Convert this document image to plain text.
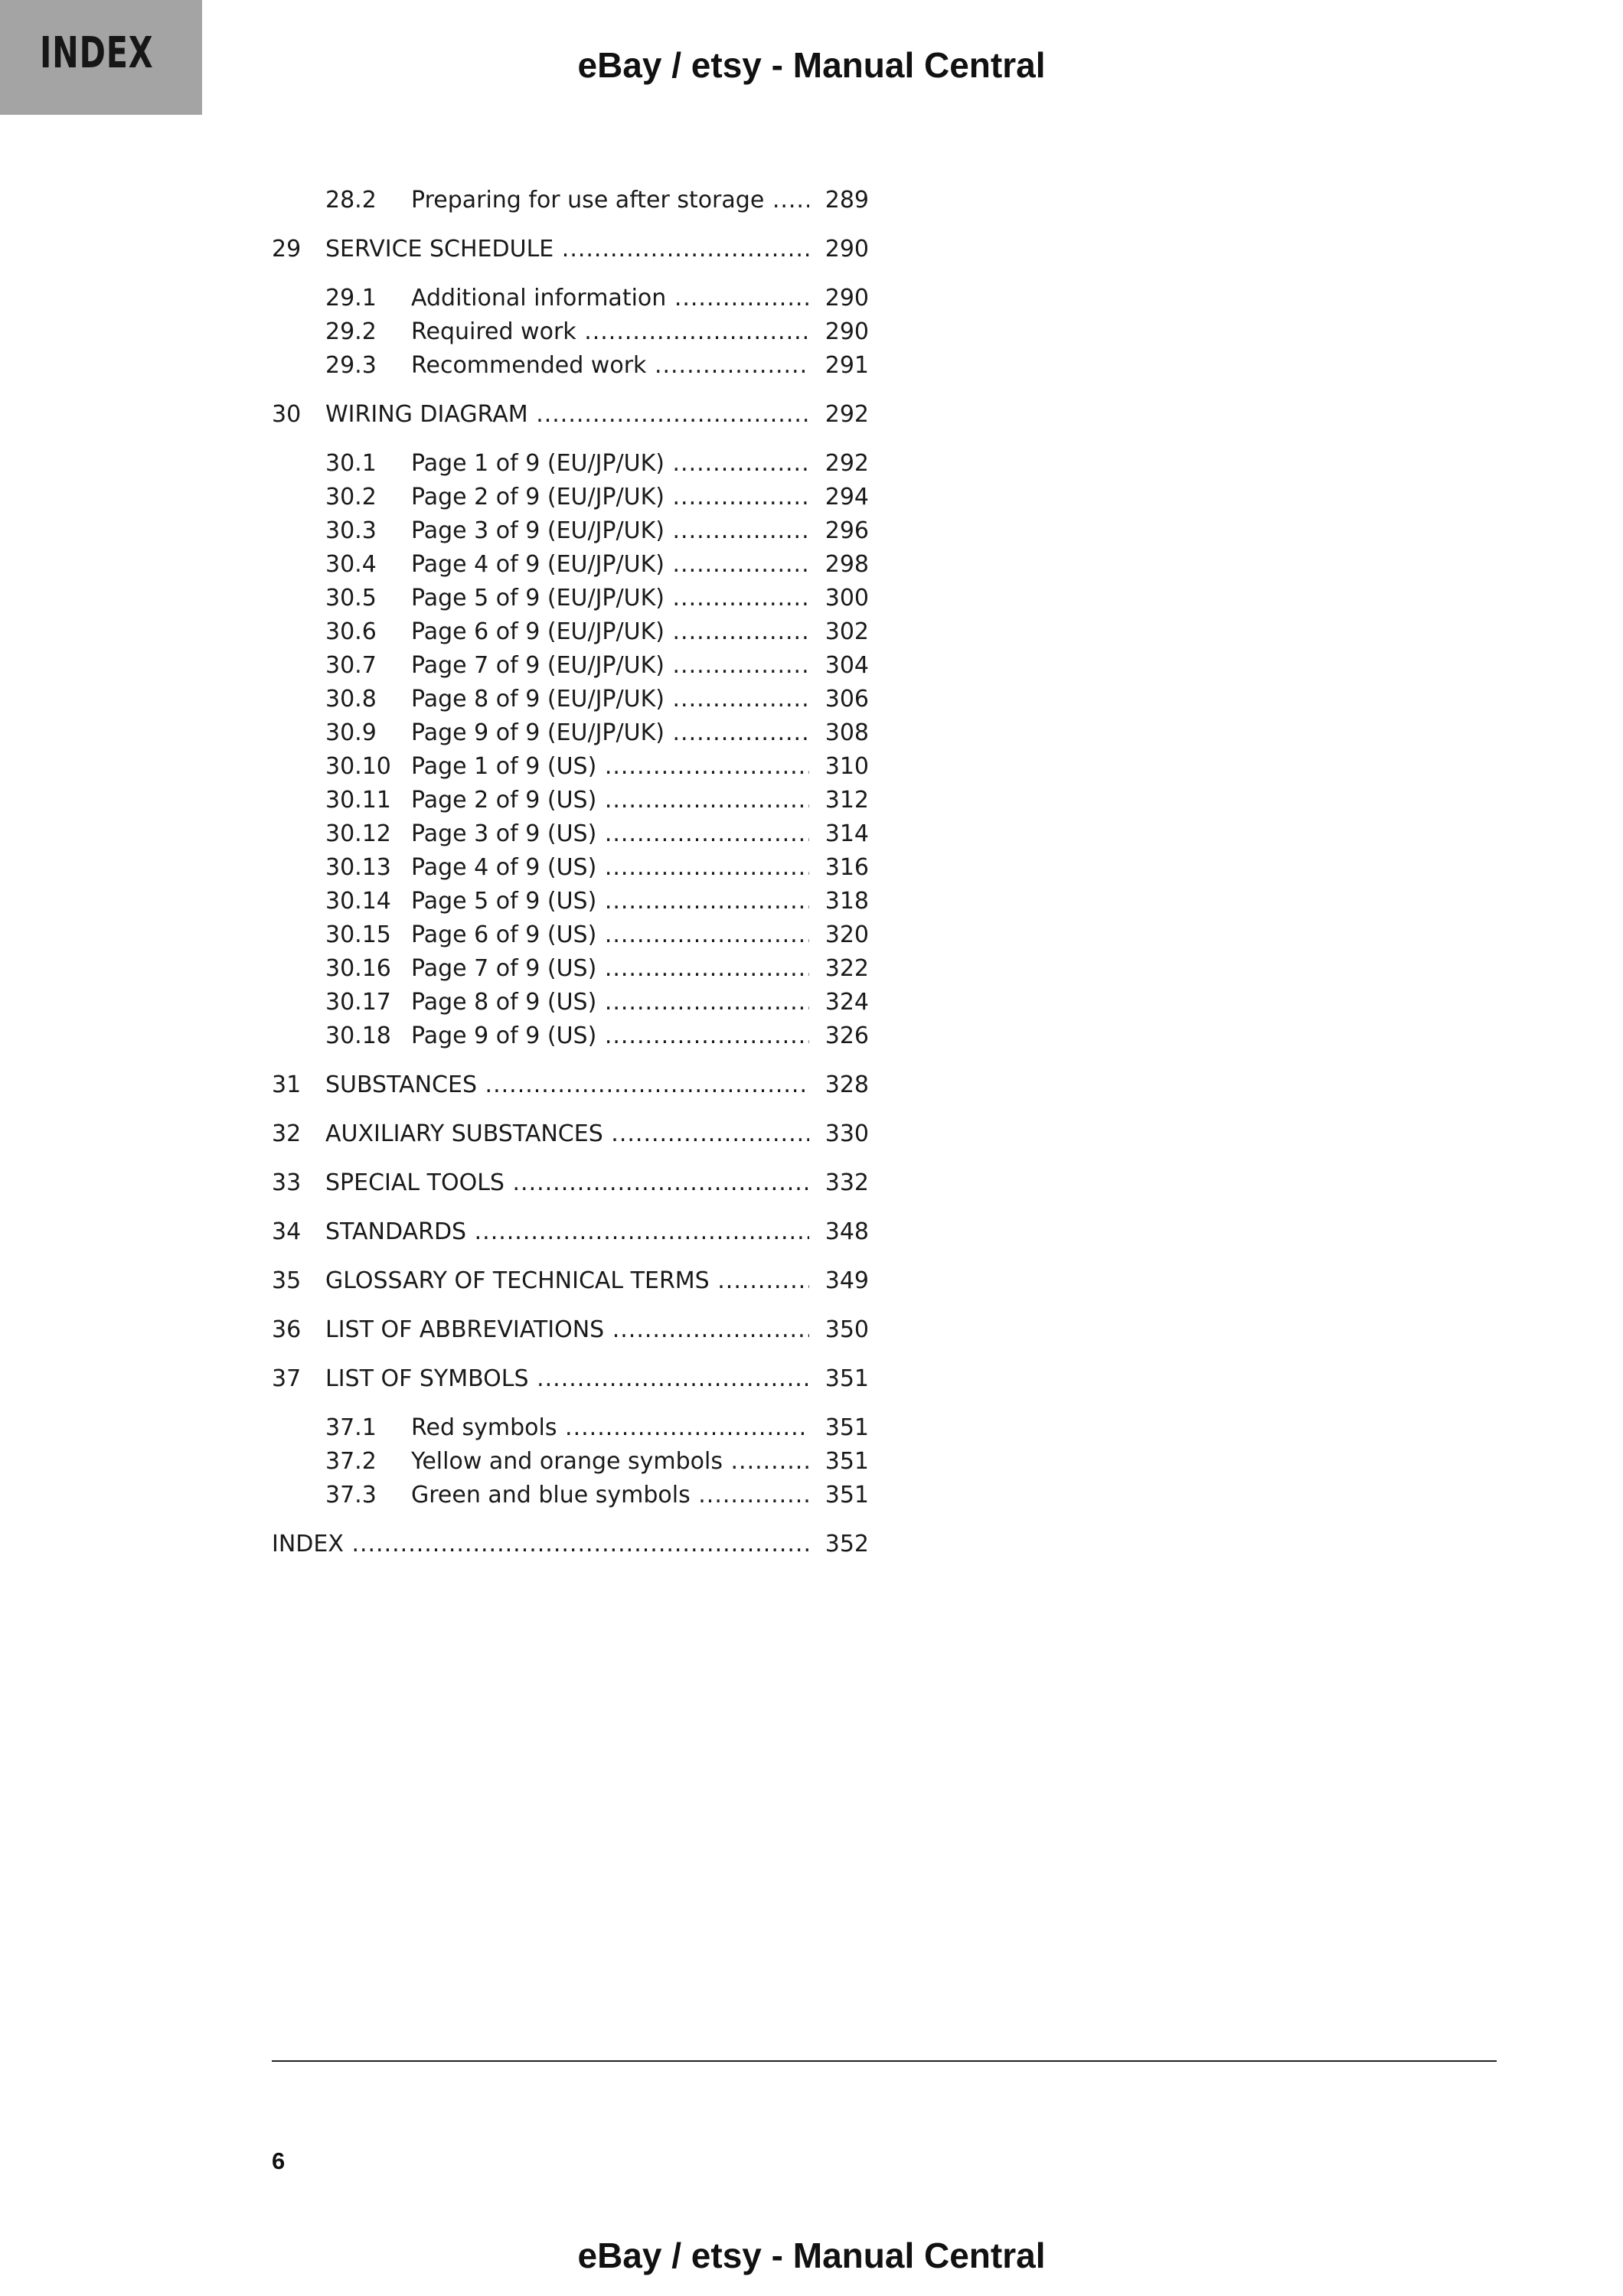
INDEX	eBay / etsy - Manual Central
28.2 Preparing for use after storage .....	289
29 SERVICE SCHEDULE .....	290
29.1 Additional information .....	290
29.2 Required work .....	290
29.3 Recommended work .....	291
30 WIRING DIAGRAM .....	292
30.1 Page 1 of 9 (EU/JP/UK) .....	292
30.2 Page 2 of 9 (EU/JP/UK) .....	294
30.3 Page 3 of 9 (EU/JP/UK) .....	296
30.4 Page 4 of 9 (EU/JP/UK) .....	298
30.5 Page 5 of 9 (EU/JP/UK) .....	300
30.6 Page 6 of 9 (EU/JP/UK) .....	302
30.7 Page 7 of 9 (EU/JP/UK) .....	304
30.8 Page 8 of 9 (EU/JP/UK) .....	306
30.9 Page 9 of 9 (EU/JP/UK) .....	308
30.10 Page 1 of 9 (US) .....	310
30.11 Page 2 of 9 (US) .....	312
30.12 Page 3 of 9 (US) .....	314
30.13 Page 4 of 9 (US) .....	316
30.14 Page 5 of 9 (US) .....	318
30.15 Page 6 of 9 (US) .....	320
30.16 Page 7 of 9 (US) .....	322
30.17 Page 8 of 9 (US) .....	324
30.18 Page 9 of 9 (US) .....	326
31 SUBSTANCES .....	328
32 AUXILIARY SUBSTANCES .....	330
33 SPECIAL TOOLS .....	332
34 STANDARDS .....	348
35 GLOSSARY OF TECHNICAL TERMS .....	349
36 LIST OF ABBREVIATIONS .....	350
37 LIST OF SYMBOLS .....	351
37.1 Red symbols .....	351
37.2 Yellow and orange symbols .....	351
37.3 Green and blue symbols .....	351
INDEX .....	352
6
eBay / etsy - Manual Central
